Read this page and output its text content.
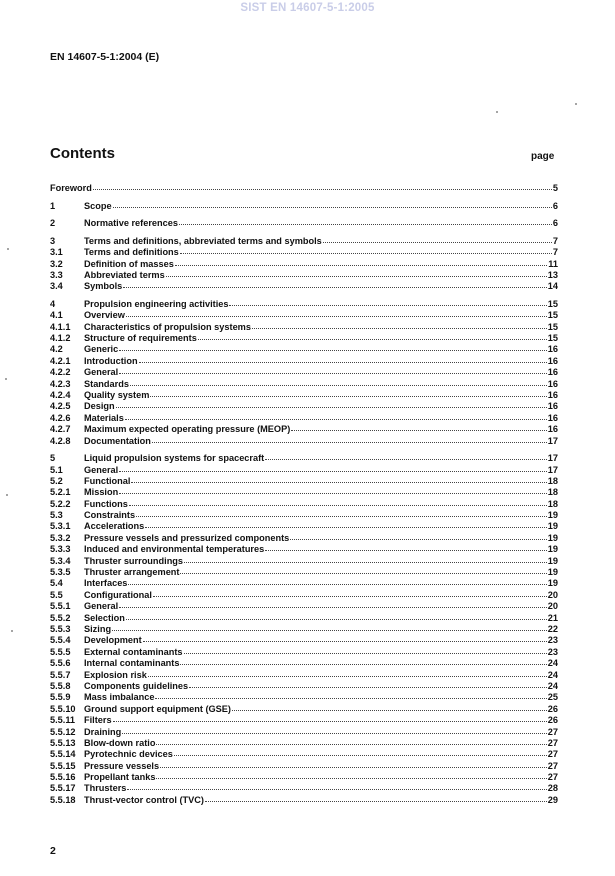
SIST EN 14607-5-1:2005
EN 14607-5-1:2004 (E)
Contents	page
Foreword	5
1	Scope	6
2	Normative references	6
3	Terms and definitions, abbreviated terms and symbols	7
3.1	Terms and definitions	7
3.2	Definition of masses	11
3.3	Abbreviated terms	13
3.4	Symbols	14
4	Propulsion engineering activities	15
4.1	Overview	15
4.1.1	Characteristics of propulsion systems	15
4.1.2	Structure of requirements	15
4.2	Generic	16
4.2.1	Introduction	16
4.2.2	General	16
4.2.3	Standards	16
4.2.4	Quality system	16
4.2.5	Design	16
4.2.6	Materials	16
4.2.7	Maximum expected operating pressure (MEOP)	16
4.2.8	Documentation	17
5	Liquid propulsion systems for spacecraft	17
5.1	General	17
5.2	Functional	18
5.2.1	Mission	18
5.2.2	Functions	18
5.3	Constraints	19
5.3.1	Accelerations	19
5.3.2	Pressure vessels and pressurized components	19
5.3.3	Induced and environmental temperatures	19
5.3.4	Thruster surroundings	19
5.3.5	Thruster arrangement	19
5.4	Interfaces	19
5.5	Configurational	20
5.5.1	General	20
5.5.2	Selection	21
5.5.3	Sizing	22
5.5.4	Development	23
5.5.5	External contaminants	23
5.5.6	Internal contaminants	24
5.5.7	Explosion risk	24
5.5.8	Components guidelines	24
5.5.9	Mass imbalance	25
5.5.10 Ground support equipment (GSE)	26
5.5.11 Filters	26
5.5.12 Draining	27
5.5.13 Blow-down ratio	27
5.5.14 Pyrotechnic devices	27
5.5.15 Pressure vessels	27
5.5.16 Propellant tanks	27
5.5.17 Thrusters	28
5.5.18 Thrust-vector control (TVC)	29
2
